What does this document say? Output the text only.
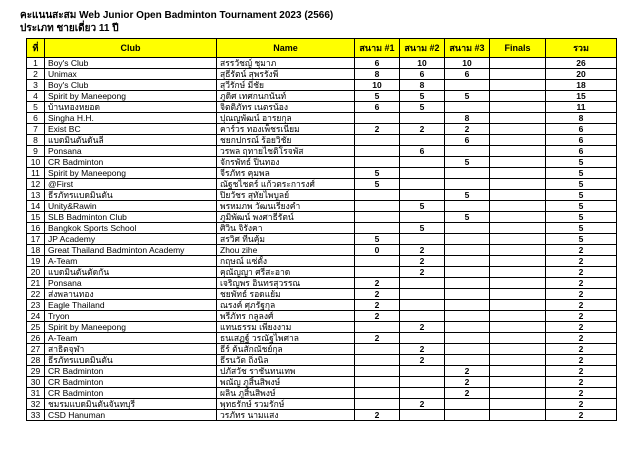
คะแนนสะสม Web Junior Open Badminton Tournament 2023 (2566)
ประเภท ชายเดี่ยว 11 ปี
ที่	Club	Name	สนาม #1	สนาม #2	สนาม #3	Finals	รวม
1	Boy's Club	สรรวัชญ์ ชุมาภ	6	10	10		26
2	Unimax	สุธีรัตน์ สุพรรังพี	8	6	6		20
3	Boy's Club	สุวีรักษ์ มีชัย	10	8			18
4	Spirit by Maneepong	ภูดิศ เทศกนกนันท์	5	5	5		15
5	บ้านทองหยอด	จิตติภัทร เนตรน้อง	6	5			11
6	Singha H.H.	ปุณญพัฒน์ อารยกุล			8		8
7	Exist BC	คาร์วร ทองเพ็ชรเนียม	2	2	2		6
8	แบดมินตันดันลี	ชยกปกรณ์ ร้อยวิชัย			6		6
9	Ponsana	วรพล ฤทายไชติโรจพัส		6			6
10	CR Badminton	จักรพัทธ์ ปิ่นทอง			5		5
11	Spirit by Maneepong	จีรภัทร คุมพล	5				5
12	@First	ณัฐชไชตร์ แก้วตระการงศ์	5				5
13	ธีรภัทรแบดมินตัน	ปิยวัชร สุทัยไพบูลย์			5		5
14	Unity&Rawin	พรหมภพ วัฒนเรียงคำ		5			5
15	SLB Badminton Club	ภูมิพัฒน์ พงศาธีรัตน์			5		5
16	Bangkok Sports School	ศิวิน จิรังคา		5			5
17	JP Academy	สรวิศ ทีนคุ้ม	5				5
18	Great Thailand Badminton Academy	Zhou zihe	0	2			2
19	A-Team	กฤษณ์ แซ่ตั้ง		2			2
20	แบดมินตันตัดกัน	คุณัญญา ศรีสะอาด		2			2
21	Ponsana	เจริญพร อินทรสุวรรณ	2				2
22	ส่งพลานทอง	ชยพัทธ์ รอดแย้ม	2				2
23	Eagle Thailand	ณรงค์ ศุภรัฐกุล	2				2
24	Tryon	พรีภัทร กลูลงศ์	2				2
25	Spirit by Maneepong	แทนธรรม เพียงงาม		2			2
26	A-Team	ธนเสฏฐ์ วรณัฐไพศาล	2				2
27	สาธิตจุฬา	ธีร์ ต้นสักณัชย์กุล		2			2
28	ธีรภัทรแบดมินตัน	ธีรนวัต ถิ่งนิล		2			2
29	CR Badminton	ปภัสวัช ราชันทนเทพ			2		2
30	CR Badminton	พณัญ ภูสิ้นสิพงษ์			2		2
31	CR Badminton	ผลิน ภูสิ้นสิพงษ์			2		2
32	ชมรมแบดมินตันจันทบุรี	พุทธรักษ์ รวมรักษ์		2			2
33	CSD Hanuman	วรภัทร นามแสง	2				2
